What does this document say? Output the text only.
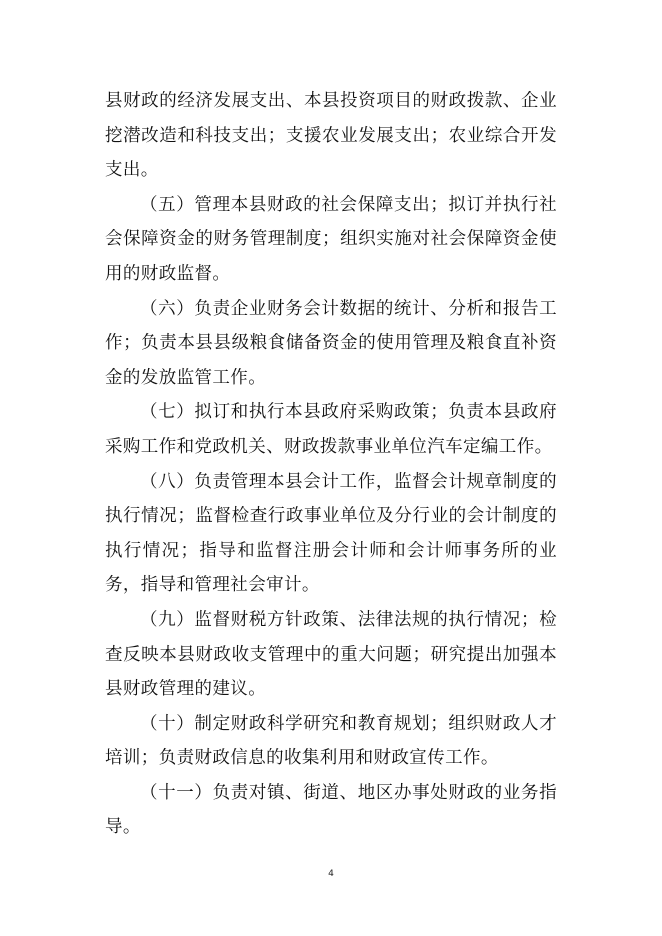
县财政的经济发展支出、本县投资项目的财政拨款、企业挖潜改造和科技支出；支援农业发展支出；农业综合开发支出。

（五）管理本县财政的社会保障支出；拟订并执行社会保障资金的财务管理制度；组织实施对社会保障资金使用的财政监督。

（六）负责企业财务会计数据的统计、分析和报告工作；负责本县县级粮食储备资金的使用管理及粮食直补资金的发放监管工作。

（七）拟订和执行本县政府采购政策；负责本县政府采购工作和党政机关、财政拨款事业单位汽车定编工作。

（八）负责管理本县会计工作，监督会计规章制度的执行情况；监督检查行政事业单位及分行业的会计制度的执行情况；指导和监督注册会计师和会计师事务所的业务，指导和管理社会审计。

（九）监督财税方针政策、法律法规的执行情况；检查反映本县财政收支管理中的重大问题；研究提出加强本县财政管理的建议。

（十）制定财政科学研究和教育规划；组织财政人才培训；负责财政信息的收集利用和财政宣传工作。

（十一）负责对镇、街道、地区办事处财政的业务指导。

4
